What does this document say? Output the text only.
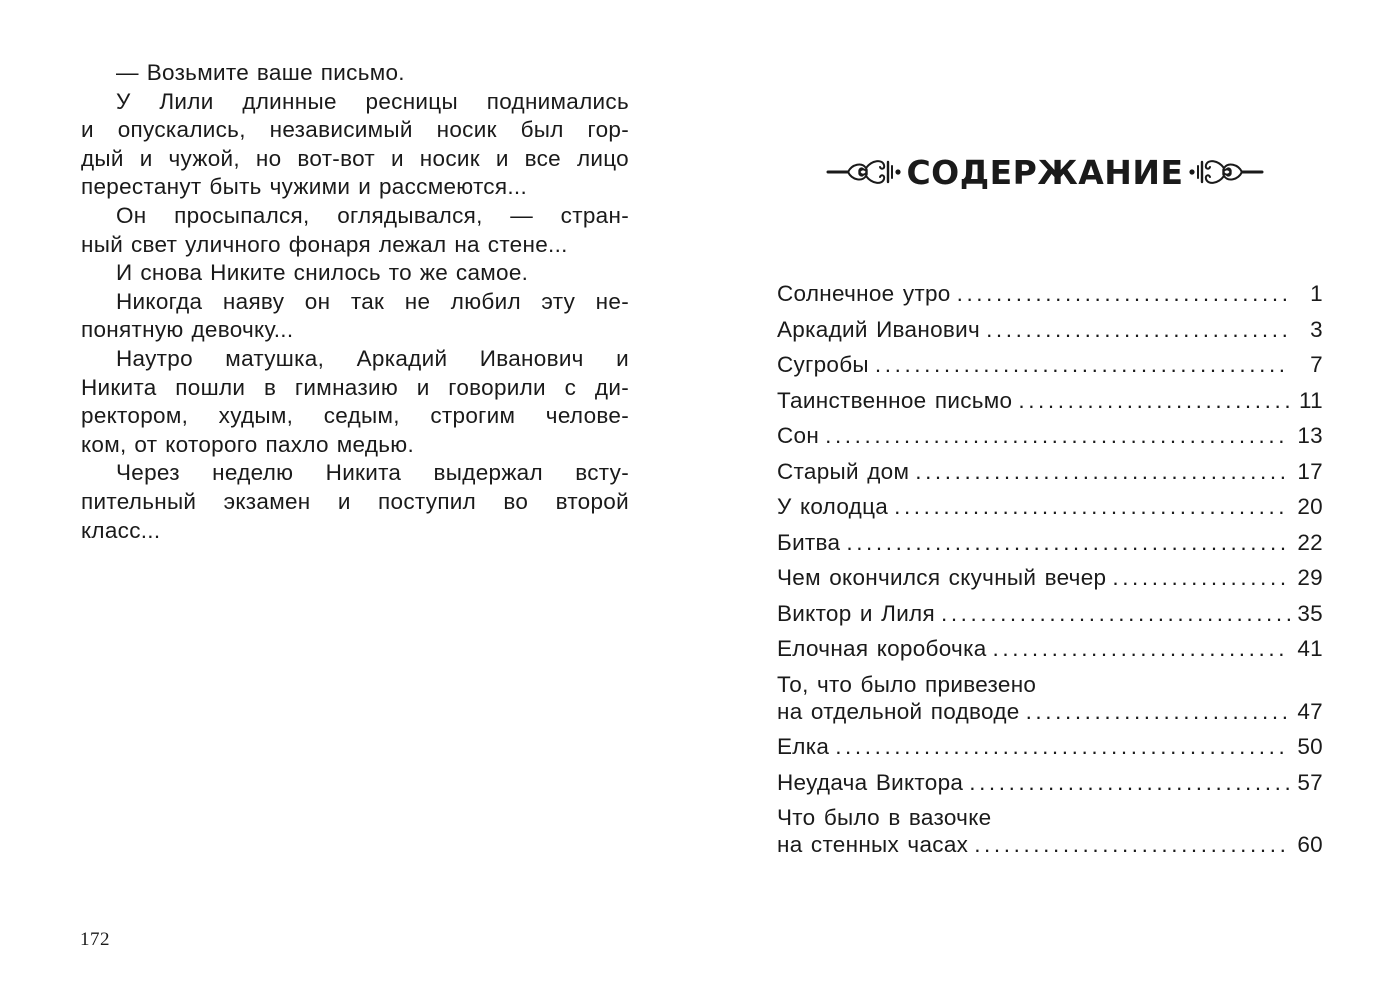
— Возьмите ваше письмо.
У Лили длинные ресницы поднимались
и опускались, независимый носик был гор-
дый и чужой, но вот-вот и носик и все лицо
перестанут быть чужими и рассмеются...
Он просыпался, оглядывался, — стран-
ный свет уличного фонаря лежал на стене...
И снова Никите снилось то же самое.
Никогда наяву он так не любил эту не-
понятную девочку...
Наутро матушка, Аркадий Иванович и
Никита пошли в гимназию и говорили с ди-
ректором, худым, седым, строгим челове-
ком, от которого пахло медью.
Через неделю Никита выдержал всту-
пительный экзамен и поступил во второй
класс...
172
СОДЕРЖАНИЕ
Солнечное утро .....	1
Аркадий Иванович .....	3
Сугробы .....	7
Таинственное письмо .....	11
Сон .....	13
Старый дом .....	17
У колодца .....	20
Битва .....	22
Чем окончился скучный вечер .....	29
Виктор и Лиля .....	35
Елочная коробочка .....	41
То, что было привезено
на отдельной подводе .....	47
Елка .....	50
Неудача Виктора .....	57
Что было в вазочке
на стенных часах .....	60
